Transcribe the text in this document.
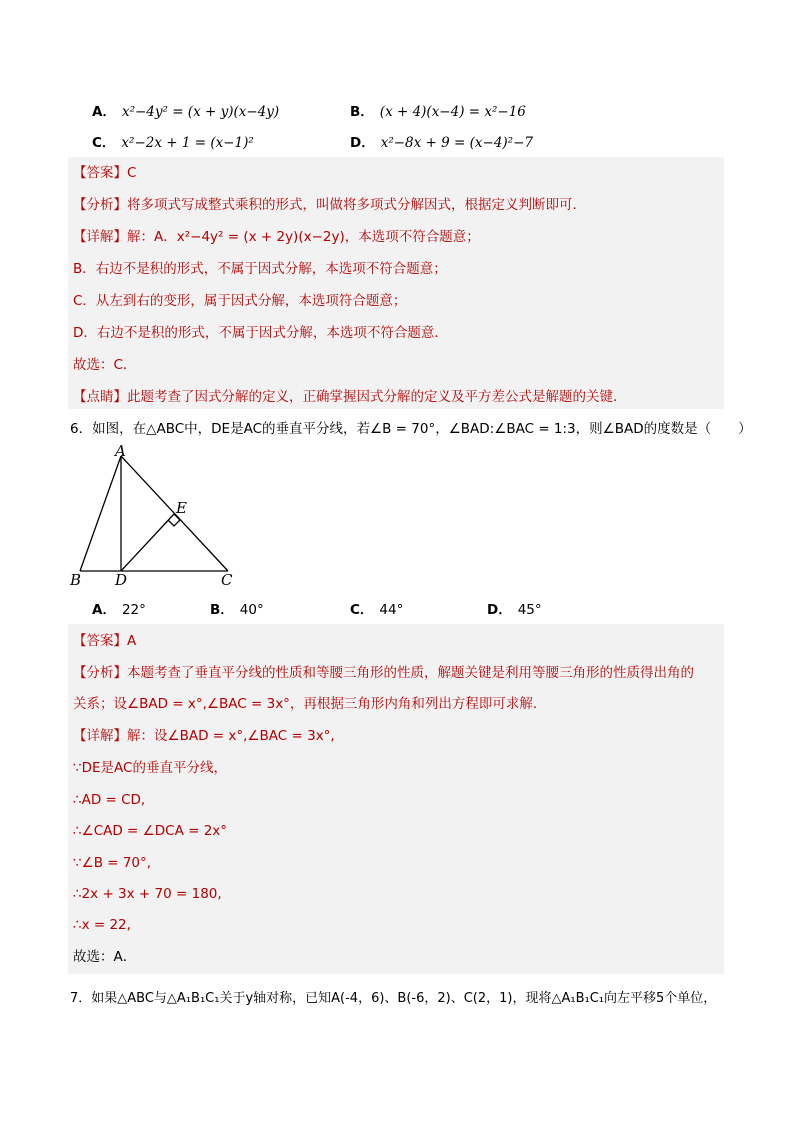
A． x²−4y² = (x + y)(x−4y)	B． (x + 4)(x−4) = x²−16
C． x²−2x + 1 = (x−1)²	D． x²−8x + 9 = (x−4)²−7
【答案】C
【分析】将多项式写成整式乘积的形式，叫做将多项式分解因式，根据定义判断即可．
【详解】解：A．x²−4y² = (x + 2y)(x−2y)，本选项不符合题意；
B．右边不是积的形式，不属于因式分解，本选项不符合题意；
C．从左到右的变形，属于因式分解，本选项符合题意；
D．右边不是积的形式，不属于因式分解，本选项不符合题意．
故选：C．
【点睛】此题考查了因式分解的定义，正确掌握因式分解的定义及平方差公式是解题的关键．
6．如图，在△ABC中，DE是AC的垂直平分线，若∠B = 70°，∠BAD:∠BAC = 1:3，则∠BAD的度数是（　　）
A
B	C
D
E
A． 22°	B． 40°	C． 44°	D． 45°
【答案】A
【分析】本题考查了垂直平分线的性质和等腰三角形的性质，解题关键是利用等腰三角形的性质得出角的
关系；设∠BAD = x°,∠BAC = 3x°，再根据三角形内角和列出方程即可求解．
【详解】解：设∠BAD = x°,∠BAC = 3x°,
∵DE是AC的垂直平分线，
∴AD = CD,
∴∠CAD = ∠DCA = 2x°
∵∠B = 70°,
∴2x + 3x + 70 = 180,
∴x = 22,
故选：A．
7．如果△ABC与△A₁B₁C₁关于y轴对称，已知A(-4，6)、B(-6，2)、C(2，1)，现将△A₁B₁C₁向左平移5个单位，
